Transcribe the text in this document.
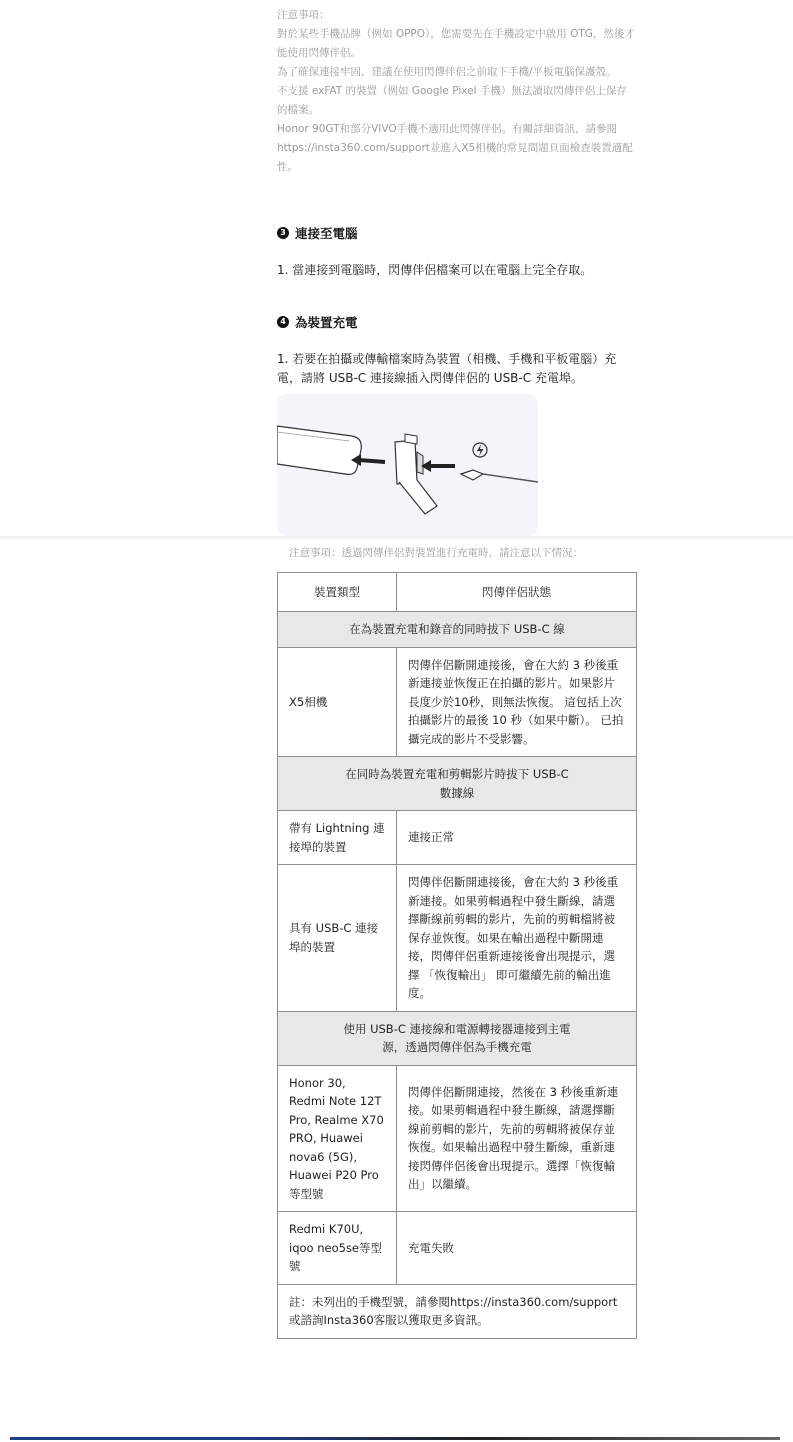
注意事項：

對於某些手機品牌（例如 OPPO），您需要先在手機設定中啟用 OTG，然後才能使用閃傳伴侶。

為了確保連接牢固，建議在使用閃傳伴侶之前取下手機/平板電腦保護殼。

不支援 exFAT 的裝置（例如 Google Pixel 手機）無法讀取閃傳伴侶上保存的檔案。

Honor 90GT和部分VIVO手機不適用此閃傳伴侶。有關詳細資訊，請參閱https://insta360.com/support並進入X5相機的常見問題頁面檢查裝置適配性。

3 連接至電腦
1. 當連接到電腦時，閃傳伴侶檔案可以在電腦上完全存取。
4 為裝置充電
1. 若要在拍攝或傳輸檔案時為裝置（相機、手機和平板電腦）充電，請將 USB-C 連接線插入閃傳伴侶的 USB-C 充電埠。
注意事項：透過閃傳伴侶對裝置進行充電時，請注意以下情況：
裝置類型	閃傳伴侶狀態
在為裝置充電和錄音的同時拔下 USB-C 線	
X5相機	閃傳伴侶斷開連接後，會在大約 3 秒後重新連接並恢復正在拍攝的影片。如果影片長度少於10秒，則無法恢復。 這包括上次拍攝影片的最後 10 秒（如果中斷）。 已拍攝完成的影片不受影響。
在同時為裝置充電和剪輯影片時拔下 USB-C 數據線	
帶有 Lightning 連接埠的裝置	連接正常
具有 USB-C 連接埠的裝置	閃傳伴侶斷開連接後，會在大約 3 秒後重新連接。如果剪輯過程中發生斷線，請選擇斷線前剪輯的影片，先前的剪輯檔將被保存並恢復。如果在輸出過程中斷開連接，閃傳伴侶重新連接後會出現提示，選擇 「恢復輸出」 即可繼續先前的輸出進度。
使用 USB-C 連接線和電源轉接器連接到主電源，透過閃傳伴侶為手機充電	
Honor 30, Redmi Note 12T Pro, Realme X70 PRO, Huawei nova6 (5G), Huawei P20 Pro 等型號	閃傳伴侶斷開連接，然後在 3 秒後重新連接。如果剪輯過程中發生斷線，請選擇斷線前剪輯的影片，先前的剪輯將被保存並恢復。如果輸出過程中發生斷線，重新連接閃傳伴侶後會出現提示。選擇「恢復輸出」以繼續。
Redmi K70U, iqoo neo5se等型號	充電失敗
註：未列出的手機型號，請參閱https://insta360.com/support或諮詢Insta360客服以獲取更多資訊。	
